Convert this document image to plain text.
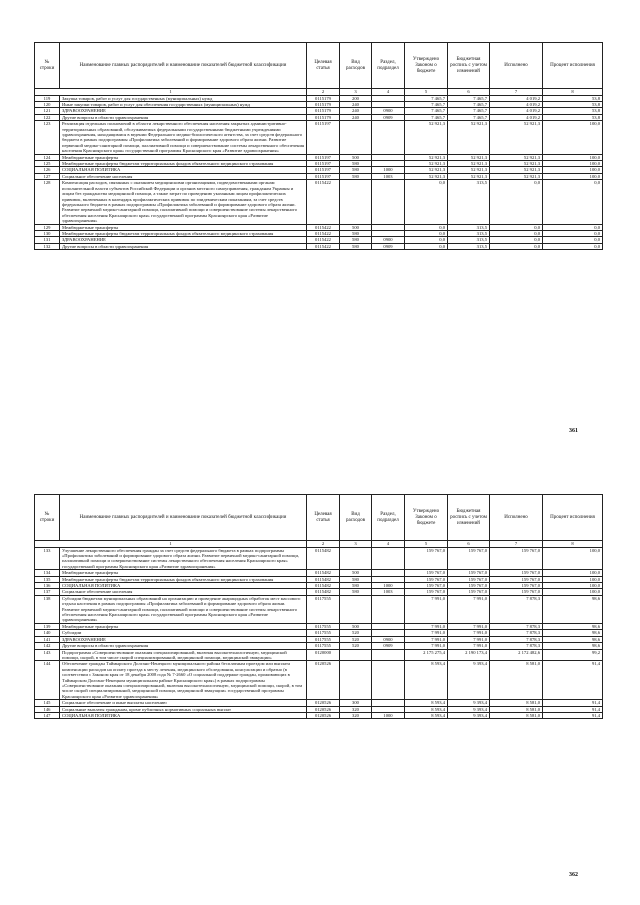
№ строки	Наименование главных распорядителей и наименование показателей бюджетной классификации	Целевая статья	Вид расходов	Раздел, подраздел	Утверждено Законом о бюджете	Бюджетная роспись с учетом изменений	Исполнено	Процент исполнения
1		2	3	4	5	6	7	8
119	Закупка товаров, работ и услуг для государственных (муниципальных) нужд	0115179	200		7 465,7	7 465,7	4 019,2	53,8
120	Иные закупки товаров, работ и услуг для обеспечения государственных (муниципальных) нужд	0115179	240		7 465,7	7 465,7	4 019,2	53,8
121	ЗДРАВООХРАНЕНИЕ	0115179	240	0900	7 465,7	7 465,7	4 019,2	53,8
122	Другие вопросы в области здравоохранения	0115179	240	0909	7 465,7	7 465,7	4 019,2	53,8
123	Реализация отдельных полномочий в области лекарственного обеспечения населения закрытых административно-территориальных образований, обслуживаемых федеральными государственными бюджетными учреждениями здравоохранения, находящимися в ведении Федерального медико-биологического агентства, за счет средств федерального бюджета в рамках подпрограммы «Профилактика заболеваний и формирование здорового образа жизни. Развитие первичной медико-санитарной помощи, паллиативной помощи и совершенствование системы лекарственного обеспечения населения Красноярского края» государственной программы Красноярского края «Развитие здравоохранения»	0115197			52 921,3	52 921,3	52 921,3	100,0
124	Межбюджетные трансферты	0115197	500		52 921,3	52 921,3	52 921,3	100,0
125	Межбюджетные трансферты бюджетам территориальных фондов обязательного медицинского страхования	0115197	580		52 921,3	52 921,3	52 921,3	100,0
126	СОЦИАЛЬНАЯ ПОЛИТИКА	0115197	580	1000	52 921,3	52 921,3	52 921,3	100,0
127	Социальное обеспечение населения	0115197	580	1003	52 921,3	52 921,3	52 921,3	100,0
128	Компенсация расходов, связанных с оказанием медицинскими организациями, подведомственными органам исполнительной власти субъектов Российской Федерации и органов местного самоуправления, гражданам Украины и лицам без гражданства медицинской помощи, а также затрат по проведению указанным лицам профилактических прививок, включенных в календарь профилактических прививок по эпидемическим показаниям, за счет средств федерального бюджета в рамках подпрограммы «Профилактика заболеваний и формирование здорового образа жизни. Развитие первичной медико-санитарной помощи, паллиативной помощи и совершенствование системы лекарственного обеспечения населения Красноярского края» государственной программы Красноярского края «Развитие здравоохранения»	0115422			0,0	313,5	0,0	0,0
129	Межбюджетные трансферты	0115422	500		0,0	313,5	0,0	0,0
130	Межбюджетные трансферты бюджетам территориальных фондов обязательного медицинского страхования	0115422	580		0,0	313,5	0,0	0,0
131	ЗДРАВООХРАНЕНИЕ	0115422	580	0900	0,0	313,5	0,0	0,0
132	Другие вопросы в области здравоохранения	0115422	580	0909	0,0	313,5	0,0	0,0
361
№ строки	Наименование главных распорядителей и наименование показателей бюджетной классификации	Целевая статья	Вид расходов	Раздел, подраздел	Утверждено Законом о бюджете	Бюджетная роспись с учетом изменений	Исполнено	Процент исполнения
1		2	3	4	5	6	7	8
133	Улучшение лекарственного обеспечения граждан за счет средств федерального бюджета в рамках подпрограммы «Профилактика заболеваний и формирование здорового образа жизни. Развитие первичной медико-санитарной помощи, паллиативной помощи и совершенствование системы лекарственного обеспечения населения Красноярского края» государственной программы Красноярского края «Развитие здравоохранения»	0115482			159 767,0	159 767,0	159 767,0	100,0
134	Межбюджетные трансферты	0115482	500		159 767,0	159 767,0	159 767,0	100,0
135	Межбюджетные трансферты бюджетам территориальных фондов обязательного медицинского страхования	0115482	580		159 767,0	159 767,0	159 767,0	100,0
136	СОЦИАЛЬНАЯ ПОЛИТИКА	0115482	580	1000	159 767,0	159 767,0	159 767,0	100,0
137	Социальное обеспечение населения	0115482	580	1003	159 767,0	159 767,0	159 767,0	100,0
138	Субсидии бюджетам муниципальных образований на организацию и проведение акарицидных обработок мест массового отдыха населения в рамках подпрограммы «Профилактика заболеваний и формирование здорового образа жизни. Развитие первичной медико-санитарной помощи, паллиативной помощи и совершенствование системы лекарственного обеспечения населения Красноярского края» государственной программы Красноярского края «Развитие здравоохранения»	0117555			7 991,0	7 991,0	7 878,3	98,6
139	Межбюджетные трансферты	0117555	500		7 991,0	7 991,0	7 878,3	98,6
140	Субсидии	0117555	520		7 991,0	7 991,0	7 878,3	98,6
141	ЗДРАВООХРАНЕНИЕ	0117555	520	0900	7 991,0	7 991,0	7 878,3	98,6
142	Другие вопросы в области здравоохранения	0117555	520	0909	7 991,0	7 991,0	7 878,3	98,6
143	Подпрограмма «Совершенствование оказания специализированной, включая высокотехнологичную, медицинской помощи, скорой, в том числе скорой специализированной, медицинской помощи, медицинской эвакуации»	0120000			2 175 275,4	2 190 173,4	2 172 482,6	99,2
144	Обеспечение граждан Таймырского Долгано-Ненецкого муниципального района бесплатным проездом или выплата компенсации расходов на оплату проезда к месту лечения, медицинского обследования, консультации и обратно (в соответствии с Законом края от 18 декабря 2008 года № 7-2660 «О социальной поддержке граждан, проживающих в Таймырском Долгано-Ненецком муниципальном районе Красноярского края») в рамках подпрограммы «Совершенствование оказания специализированной, включая высокотехнологичную, медицинской помощи, скорой, в том числе скорой специализированной, медицинской помощи, медицинской эвакуации» государственной программы Красноярского края «Развитие здравоохранения»	0120526			8 593,4	9 393,4	8 581,0	91,4
145	Социальное обеспечение и иные выплаты населению	0120526	300		8 593,4	9 393,4	8 581,0	91,4
146	Социальные выплаты гражданам, кроме публичных нормативных социальных выплат	0120526	320		8 593,4	9 393,4	8 581,0	91,4
147	СОЦИАЛЬНАЯ ПОЛИТИКА	0120526	320	1000	8 593,4	9 393,4	8 581,0	91,4
362
